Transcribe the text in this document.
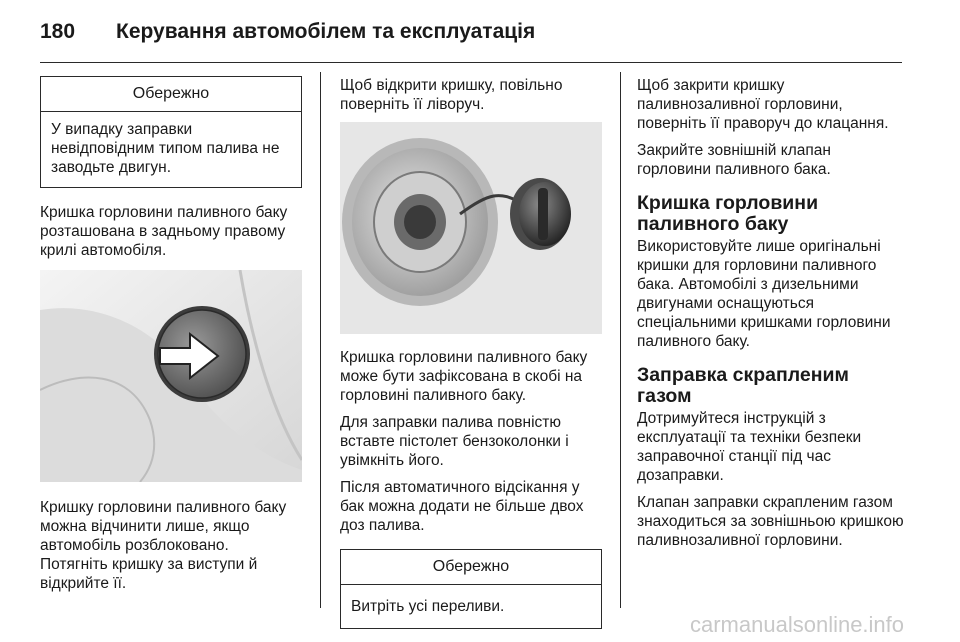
180	Керування автомобілем та експлуатація
Обережно
У випадку заправки невідповідним типом палива не заводьте двигун.

Кришка горловини паливного баку розташована в задньому правому крилі автомобіля.

Кришку горловини паливного баку можна відчинити лише, якщо автомобіль розблоковано.

Потягніть кришку за виступи й відкрийте її.

Щоб відкрити кришку, повільно поверніть її ліворуч.

Кришка горловини паливного баку може бути зафіксована в скобі на горловині паливного баку.

Для заправки палива повністю вставте пістолет бензоколонки і увімкніть його.

Після автоматичного відсікання у бак можна додати не більше двох доз палива.

Обережно
Витріть усі переливи.

Щоб закрити кришку паливнозаливної горловини, поверніть її праворуч до клацання.

Закрийте зовнішній клапан горловини паливного бака.

Кришка горловини паливного баку

Використовуйте лише оригінальні кришки для горловини паливного бака. Автомобілі з дизельними двигунами оснащуються спеціальними кришками горловини паливного баку.

Заправка скрапленим газом

Дотримуйтеся інструкцій з експлуатації та техніки безпеки заправочної станції під час дозаправки.

Клапан заправки скрапленим газом знаходиться за зовнішньою кришкою паливнозаливної горловини.

carmanualsonline.info
